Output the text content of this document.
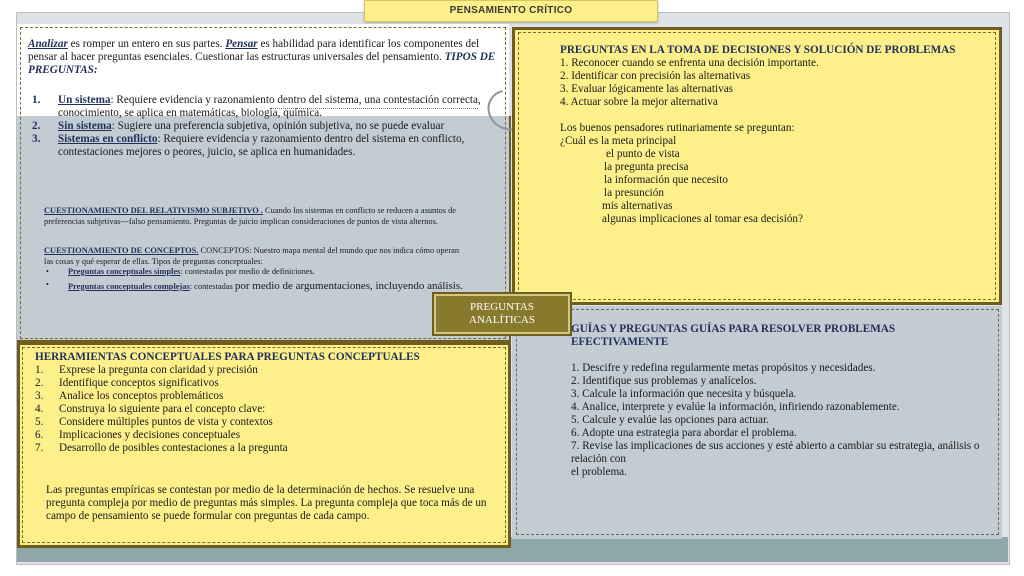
PENSAMIENTO CRÍTICO
Analizar es romper un entero en sus partes. Pensar es habilidad para identificar los componentes del pensar al hacer preguntas esenciales. Cuestionar las estructuras universales del pensamiento. TIPOS DE PREGUNTAS:
1. Un sistema: Requiere evidencia y razonamiento dentro del sistema, una contestación correcta, conocimiento, se aplica en matemáticas, biología, química.
2. Sin sistema: Sugiere una preferencia subjetiva, opinión subjetiva, no se puede evaluar
3. Sistemas en conflicto: Requiere evidencia y razonamiento dentro del sistema en conflicto, contestaciones mejores o peores, juicio, se aplica en humanidades.
CUESTIONAMIENTO DEL RELATIVISMO SUBJETIVO . Cuando los sistemas en conflicto se reducen a asuntos de preferencias subjetivas---falso pensamiento. Preguntas de juicio implican consideraciones de puntos de vista alternos.
CUESTIONAMIENTO DE CONCEPTOS. CONCEPTOS: Nuestro mapa mental del mundo que nos indica cómo operan las cosas y qué esperar de ellas. Tipos de preguntas conceptuales:
• Preguntas conceptuales simples: contestadas por medio de definiciones.
• Preguntas conceptuales complejas: contestadas por medio de argumentaciones, incluyendo análisis.
PREGUNTAS EN LA TOMA DE DECISIONES Y SOLUCIÓN DE PROBLEMAS
1. Reconocer cuando se enfrenta una decisión importante.
2. Identificar con precisión las alternativas
3. Evaluar lógicamente las alternativas
4. Actuar sobre la mejor alternativa
Los buenos pensadores rutinariamente se preguntan:
¿Cuál es la meta principal
el punto de vista
la pregunta precisa
la información que necesito
la presunción
mis alternativas
algunas implicaciones al tomar esa decisión?
GUÍAS Y PREGUNTAS GUÍAS PARA RESOLVER PROBLEMAS EFECTIVAMENTE
1. Descifre y redefina regularmente metas propósitos y necesidades.
2. Identifique sus problemas y analícelos.
3. Calcule la información que necesita y búsquela.
4. Analice, interprete y evalúe la información, infiriendo razonablemente.
5. Calcule y evalúe las opciones para actuar.
6. Adopte una estrategia para abordar el problema.
7. Revise las implicaciones de sus acciones y esté abierto a cambiar su estrategia, análisis o relación con
el problema.
HERRAMIENTAS CONCEPTUALES PARA PREGUNTAS CONCEPTUALES
1. Exprese la pregunta con claridad y precisión
2. Identifique conceptos significativos
3. Analice los conceptos problemáticos
4. Construya lo siguiente para el concepto clave:
5. Considere múltiples puntos de vista y contextos
6. Implicaciones y decisiones conceptuales
7. Desarrollo de posibles contestaciones a la pregunta
Las preguntas empíricas se contestan por medio de la determinación de hechos. Se resuelve una pregunta compleja por medio de preguntas más simples. La pregunta compleja que toca más de un campo de pensamiento se puede formular con preguntas de cada campo.
PREGUNTAS
ANALÍTICAS
